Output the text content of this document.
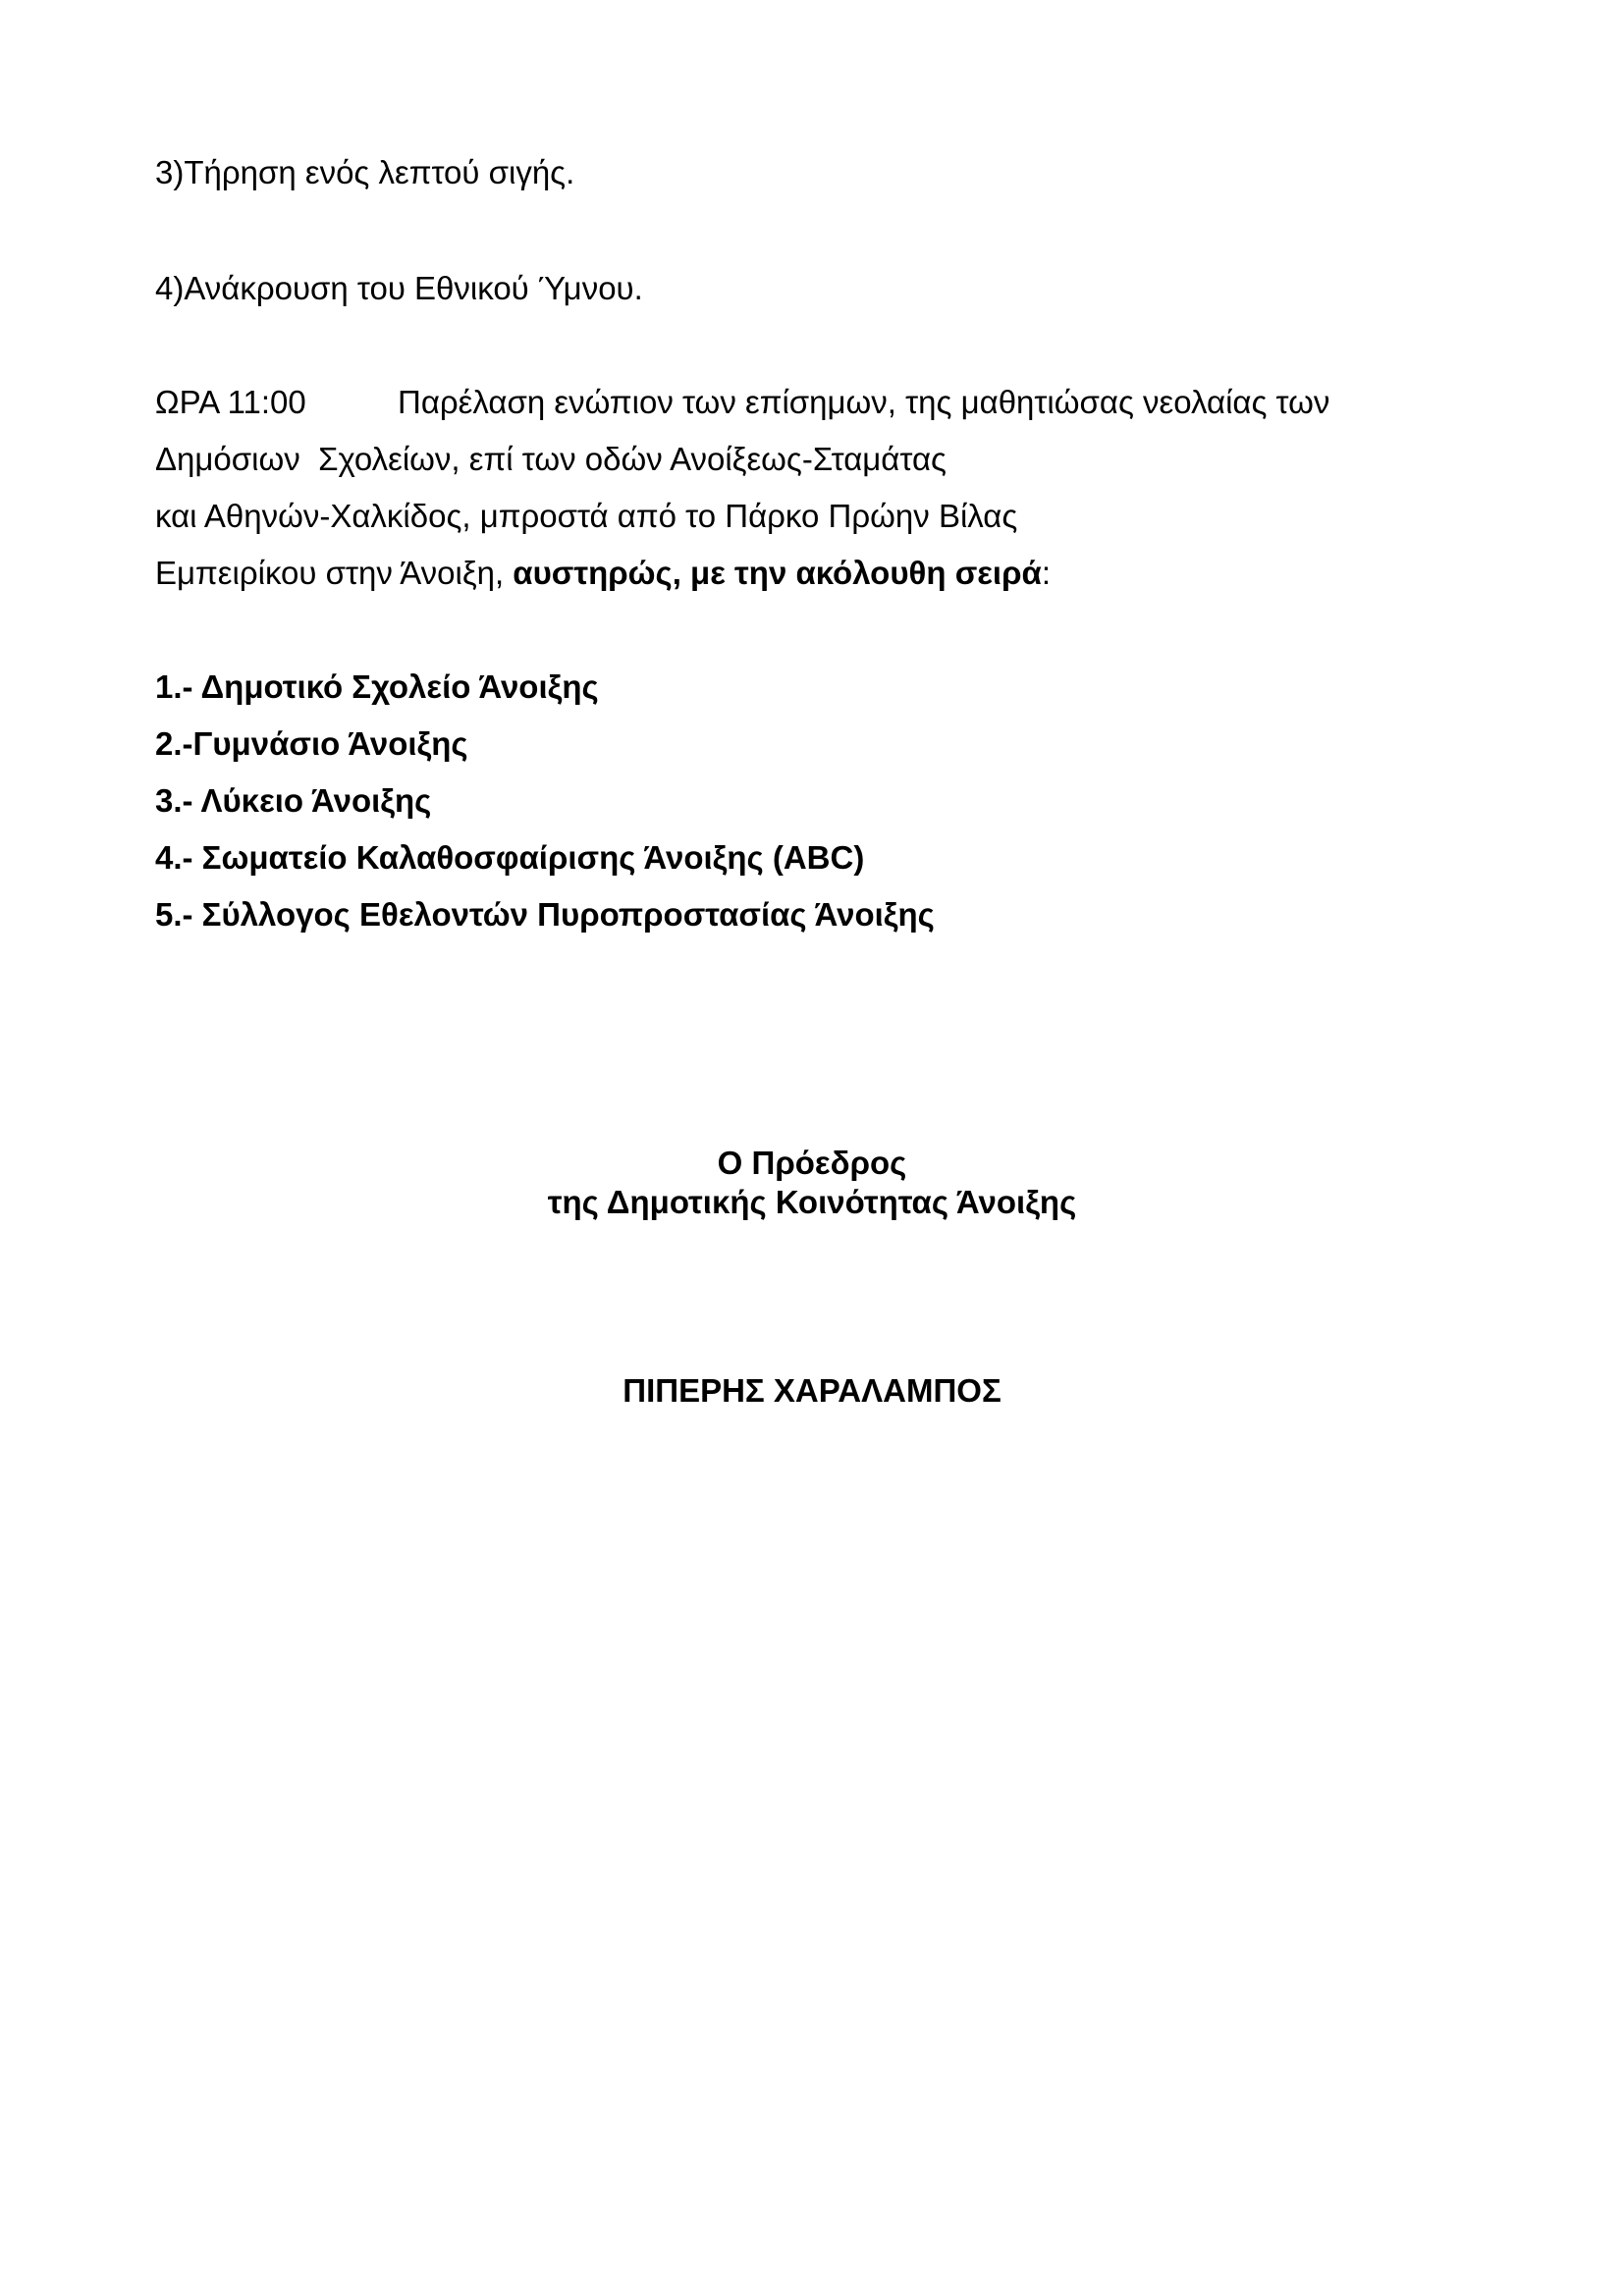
3)Τήρηση ενός λεπτού σιγής.

4)Ανάκρουση του Εθνικού Ύμνου.

ΩΡΑ 11:00	Παρέλαση ενώπιον των επίσημων, της μαθητιώσας νεολαίας των

Δημόσιων  Σχολείων, επί των οδών Ανοίξεως-Σταμάτας

και Αθηνών-Χαλκίδος, μπροστά από το Πάρκο Πρώην Βίλας

Εμπειρίκου στην Άνοιξη, αυστηρώς, με την ακόλουθη σειρά:

1.- Δημοτικό Σχολείο Άνοιξης

2.-Γυμνάσιο Άνοιξης

3.- Λύκειο Άνοιξης

4.- Σωματείο Καλαθοσφαίρισης Άνοιξης (ABC)

5.- Σύλλογος Εθελοντών Πυροπροστασίας Άνοιξης

Ο Πρόεδρος

της Δημοτικής Κοινότητας Άνοιξης

ΠΙΠΕΡΗΣ ΧΑΡΑΛΑΜΠΟΣ
